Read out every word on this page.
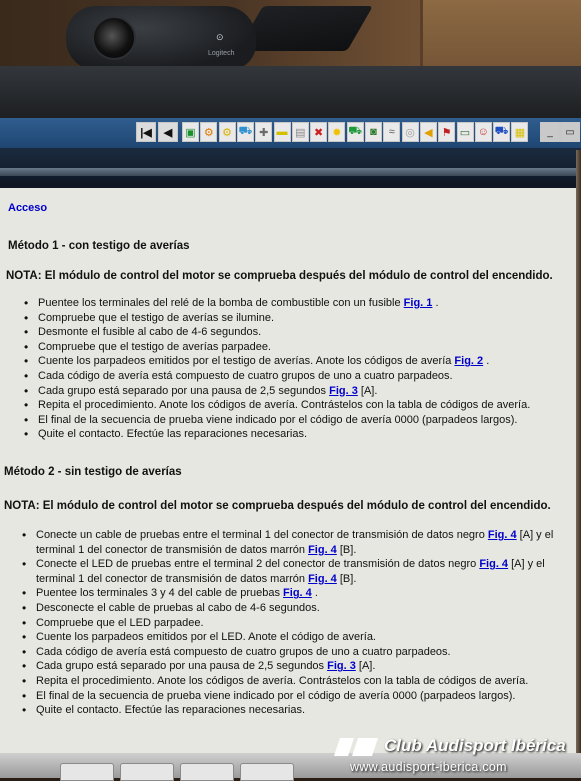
⊙
Logitech
|◀	◀	_	▭
▣ ⚙ ⚙ ⛟ ✚ ▬ ▤ ✖ ✹ ⛟ ◙	≈ ◎ ◀ ⚑ ▭ ☺ ⛟ ▦
Acceso
Método 1 - con testigo de averías
NOTA: El módulo de control del motor se comprueba después del módulo de control del encendido.
• Puentee los terminales del relé de la bomba de combustible con un fusible Fig. 1 .
• Compruebe que el testigo de averías se ilumine.
• Desmonte el fusible al cabo de 4-6 segundos.
• Compruebe que el testigo de averías parpadee.
• Cuente los parpadeos emitidos por el testigo de averías. Anote los códigos de avería Fig. 2 .
• Cada código de avería está compuesto de cuatro grupos de uno a cuatro parpadeos.
• Cada grupo está separado por una pausa de 2,5 segundos Fig. 3 [A].
• Repita el procedimiento. Anote los códigos de avería. Contrástelos con la tabla de códigos de avería.
• El final de la secuencia de prueba viene indicado por el código de avería 0000 (parpadeos largos).
• Quite el contacto. Efectúe las reparaciones necesarias.
Método 2 - sin testigo de averías
NOTA: El módulo de control del motor se comprueba después del módulo de control del encendido.
• Conecte un cable de pruebas entre el terminal 1 del conector de transmisión de datos negro Fig. 4 [A] y el terminal 1 del conector de transmisión de datos marrón Fig. 4 [B].
• Conecte el LED de pruebas entre el terminal 2 del conector de transmisión de datos negro Fig. 4 [A] y el terminal 1 del conector de transmisión de datos marrón Fig. 4 [B].
• Puentee los terminales 3 y 4 del cable de pruebas Fig. 4 .
• Desconecte el cable de pruebas al cabo de 4-6 segundos.
• Compruebe que el LED parpadee.
• Cuente los parpadeos emitidos por el LED. Anote el código de avería.
• Cada código de avería está compuesto de cuatro grupos de uno a cuatro parpadeos.
• Cada grupo está separado por una pausa de 2,5 segundos Fig. 3 [A].
• Repita el procedimiento. Anote los códigos de avería. Contrástelos con la tabla de códigos de avería.
• El final de la secuencia de prueba viene indicado por el código de avería 0000 (parpadeos largos).
• Quite el contacto. Efectúe las reparaciones necesarias.
Club Audisport Ibérica
www.audisport-iberica.com
